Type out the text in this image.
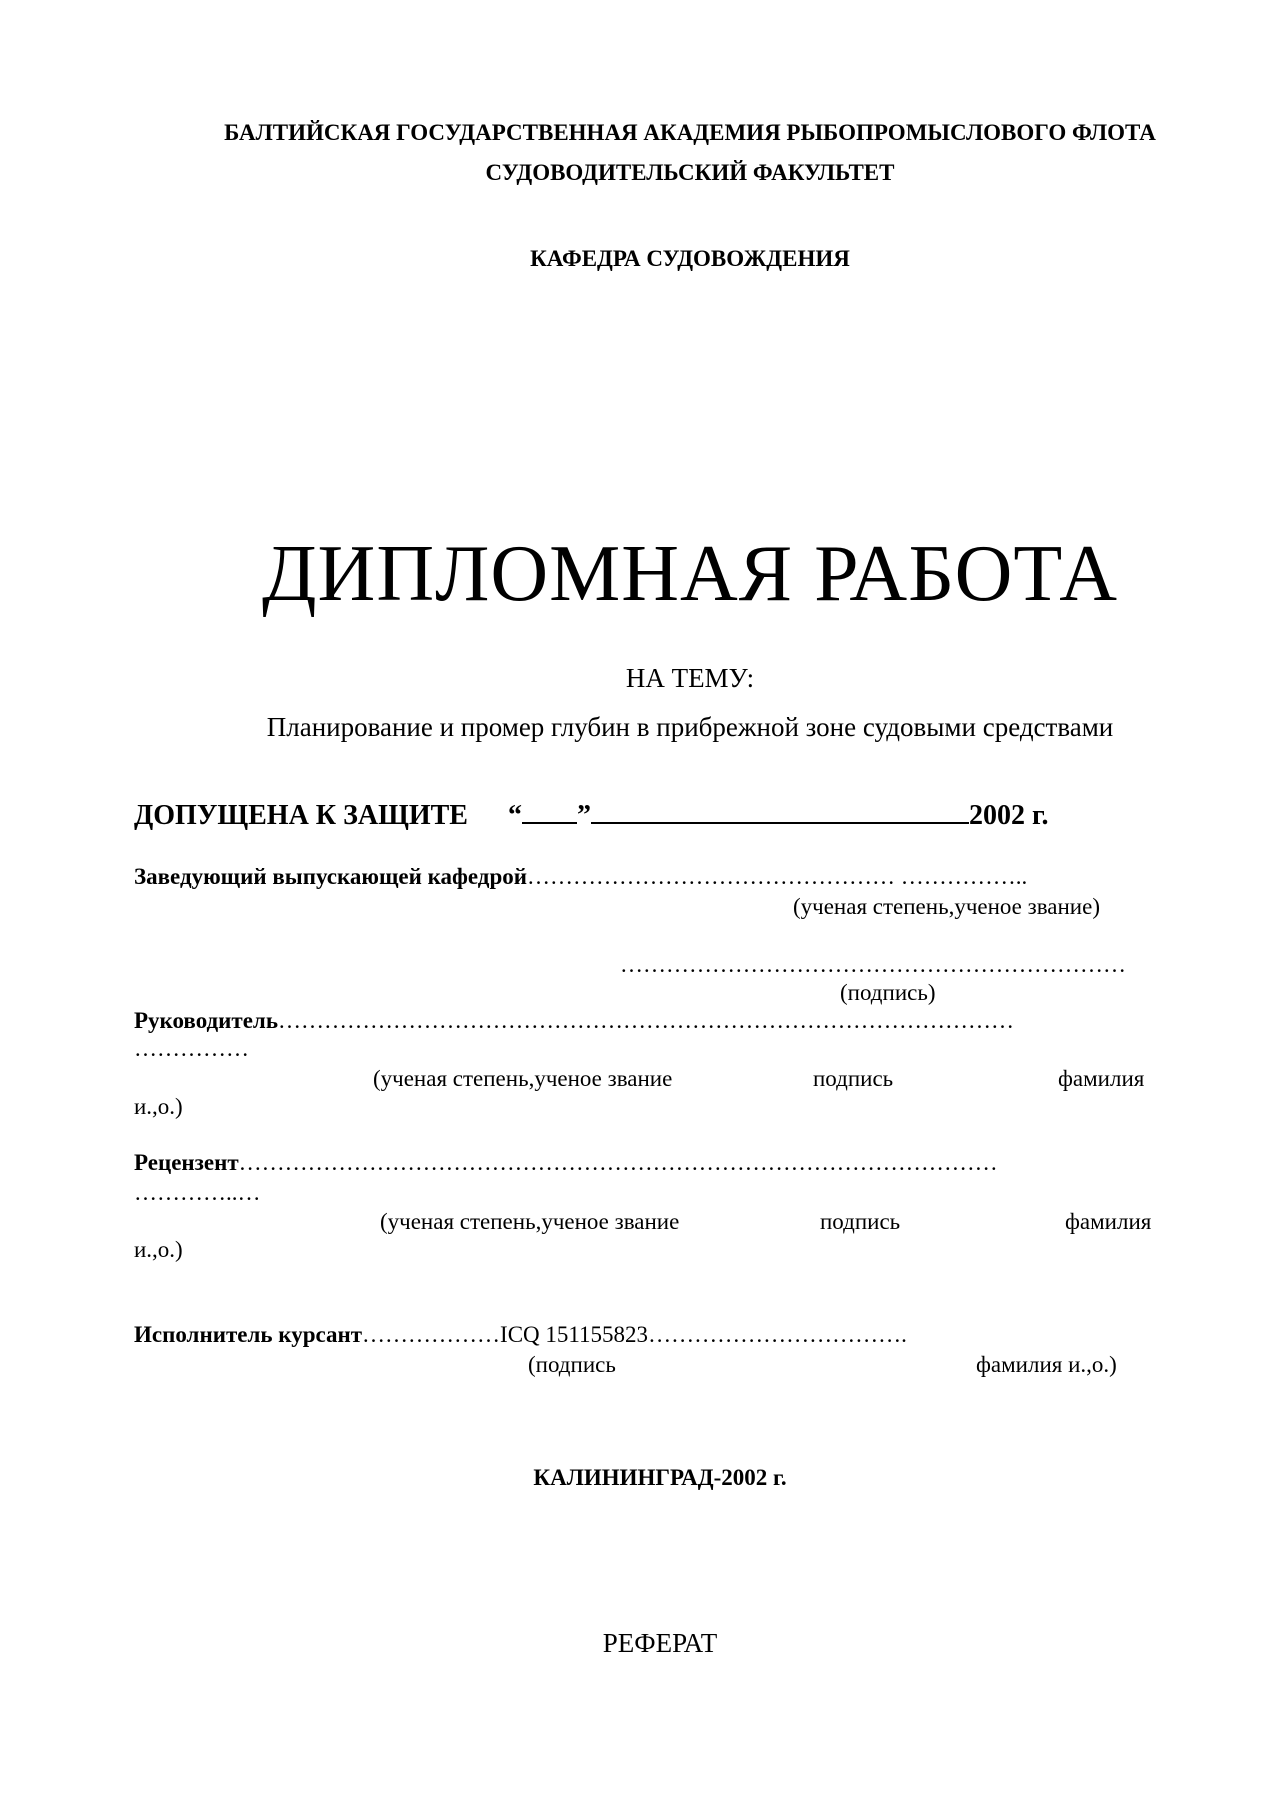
БАЛТИЙСКАЯ ГОСУДАРСТВЕННАЯ АКАДЕМИЯ РЫБОПРОМЫСЛОВОГО ФЛОТА
СУДОВОДИТЕЛЬСКИЙ ФАКУЛЬТЕТ
КАФЕДРА СУДОВОЖДЕНИЯ
ДИПЛОМНАЯ РАБОТА
НА ТЕМУ:
Планирование и промер глубин в прибрежной зоне судовыми средствами
ДОПУЩЕНА К ЗАЩИТЕ “ ”	2002 г.
Заведующий выпускающей кафедрой………………………………………… ……………..
(ученая степень,ученое звание)
…………………………………………………………
(подпись)
Руководитель……………………………………………………………………………………
……………
(ученая степень,ученое звание	подпись	фамилия
и.,о.)
Рецензент………………………………………………………………………………………
…………..…
(ученая степень,ученое звание	подпись	фамилия
и.,о.)
Исполнитель курсант………………ICQ 151155823…………………………….
(подпись	фамилия и.,о.)
КАЛИНИНГРАД-2002 г.
РЕФЕРАТ
